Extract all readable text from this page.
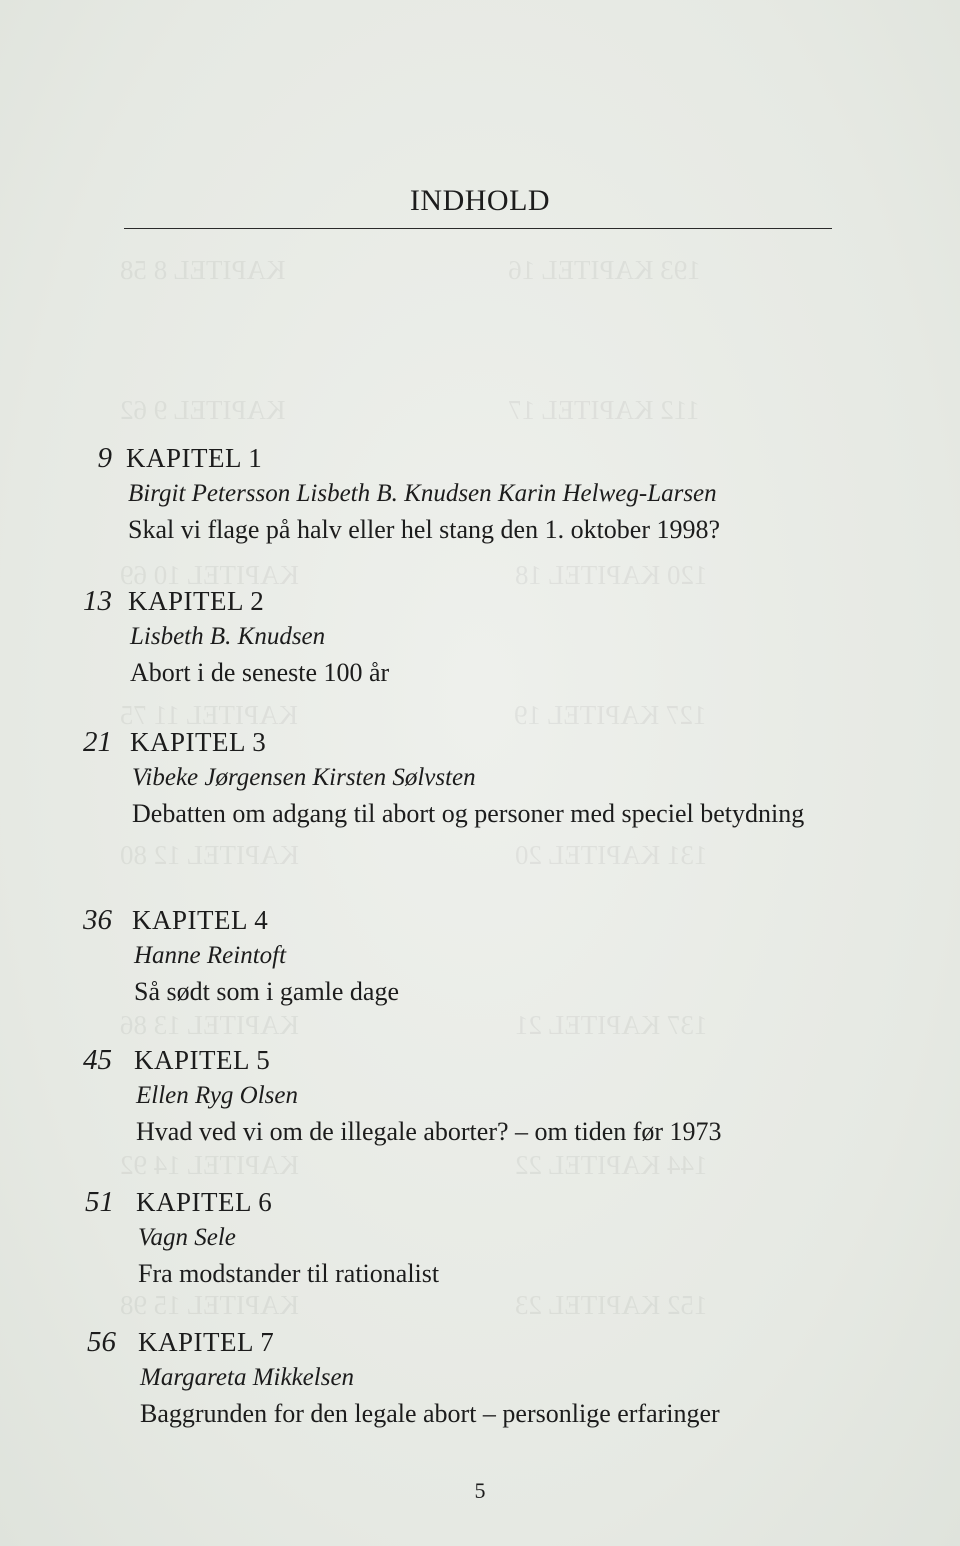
193 KAPITEL 16                                 KAPITEL 8 58
112 KAPITEL 17                                 KAPITEL 9 62
120 KAPITEL 18                                KAPITEL 10 69
127 KAPITEL 19                                KAPITEL 11 75
131 KAPITEL 20                                KAPITEL 12 80
137 KAPITEL 21                                KAPITEL 13 86
144 KAPITEL 22                                KAPITEL 14 92
152 KAPITEL 23                                KAPITEL 15 98
INDHOLD
9 KAPITEL 1
Birgit Petersson Lisbeth B. Knudsen Karin Helweg-Larsen
Skal vi flage på halv eller hel stang den 1. oktober 1998?
13 KAPITEL 2
Lisbeth B. Knudsen
Abort i de seneste 100 år
21 KAPITEL 3
Vibeke Jørgensen Kirsten Sølvsten
Debatten om adgang til abort og personer med speciel betydning
36 KAPITEL 4
Hanne Reintoft
Så sødt som i gamle dage
45 KAPITEL 5
Ellen Ryg Olsen
Hvad ved vi om de illegale aborter? – om tiden før 1973
51 KAPITEL 6
Vagn Sele
Fra modstander til rationalist
56 KAPITEL 7
Margareta Mikkelsen
Baggrunden for den legale abort – personlige erfaringer
5
